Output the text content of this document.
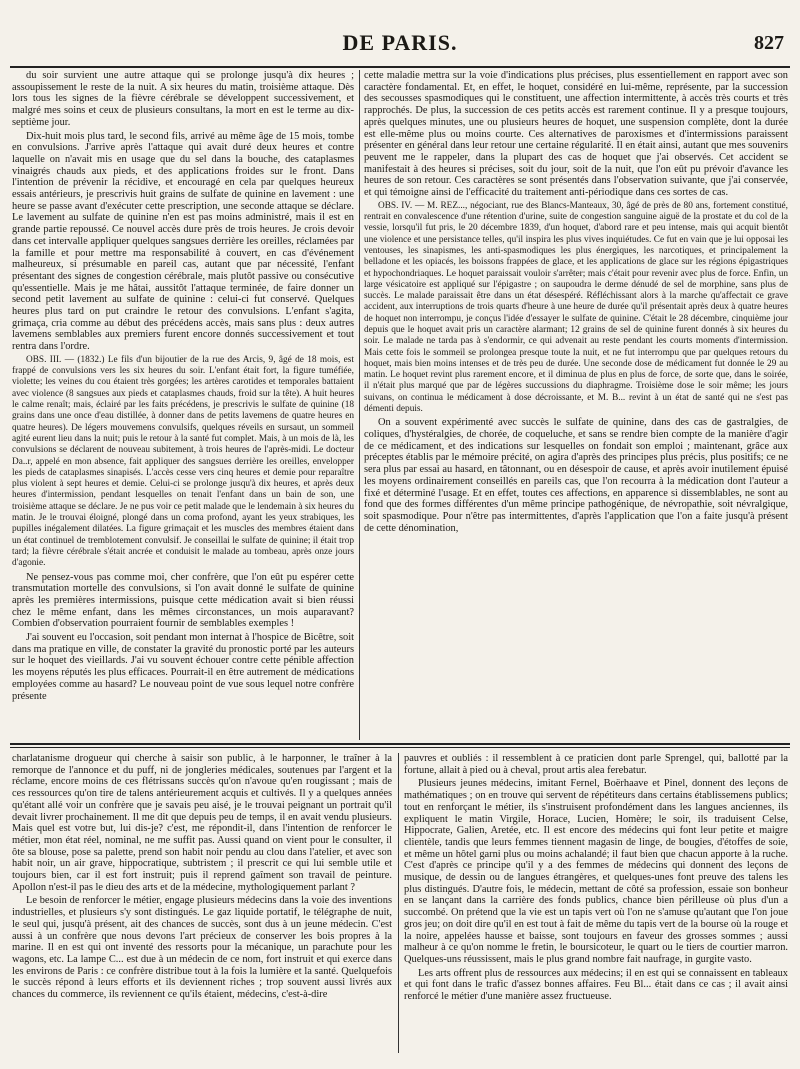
DE PARIS.	827

du soir survient une autre attaque qui se prolonge jusqu'à dix heures ; assoupissement le reste de la nuit. A six heures du matin, troisième attaque. Dès lors tous les signes de la fièvre cérébrale se développent successivement, et malgré mes soins et ceux de plusieurs consultans, la mort en est le terme au dix-septième jour.

Dix-huit mois plus tard, le second fils, arrivé au même âge de 15 mois, tombe en convulsions. J'arrive après l'attaque qui avait duré deux heures et contre laquelle on n'avait mis en usage que du sel dans la bouche, des cataplasmes vinaigrés chauds aux pieds, et des applications froides sur le front. Dans l'intention de prévenir la récidive, et encouragé en cela par quelques heureux essais antérieurs, je prescrivis huit grains de sulfate de quinine en lavement : une heure se passe avant d'exécuter cette prescription, une seconde attaque se déclare. Le lavement au sulfate de quinine n'en est pas moins administré, mais il est en grande partie repoussé. Ce nouvel accès dure près de trois heures. Je crois devoir dans cet intervalle appliquer quelques sangsues derrière les oreilles, réclamées par la famille et pour mettre ma responsabilité à couvert, en cas d'événement malheureux, si présumable en pareil cas, autant que par nécessité, l'enfant présentant des signes de congestion cérébrale, mais plutôt passive ou consécutive qu'essentielle. Mais je me hâtai, aussitôt l'attaque terminée, de faire donner un second petit lavement au sulfate de quinine : celui-ci fut conservé. Quelques heures plus tard on put craindre le retour des convulsions. L'enfant s'agita, grimaça, cria comme au début des précédens accès, mais sans plus : deux autres lavemens semblables aux premiers furent encore donnés successivement et tout rentra dans l'ordre.

OBS. III. — (1832.) Le fils d'un bijoutier de la rue des Arcis, 9, âgé de 18 mois, est frappé de convulsions vers les six heures du soir. L'enfant était fort, la figure tuméfiée, violette; les veines du cou étaient très gorgées; les artères carotides et temporales battaient avec violence (8 sangsues aux pieds et cataplasmes chauds, froid sur la tête). A huit heures le calme renaît; mais, éclairé par les faits précédens, je prescrivis le sulfate de quinine (18 grains dans une once d'eau distillée, à donner dans de petits lavemens de quatre heures en quatre heures). De légers mouvemens convulsifs, quelques réveils en sursaut, un sommeil agité eurent lieu dans la nuit; puis le retour à la santé fut complet. Mais, à un mois de là, les convulsions se déclarent de nouveau subitement, à trois heures de l'après-midi. Le docteur Da..r, appelé en mon absence, fait appliquer des sangsues derrière les oreilles, envelopper les pieds de cataplasmes sinapisés. L'accès cesse vers cinq heures et demie pour reparaître plus violent à sept heures et demie. Celui-ci se prolonge jusqu'à dix heures, et après deux heures d'intermission, pendant lesquelles on tenait l'enfant dans un bain de son, une troisième attaque se déclare. Je ne pus voir ce petit malade que le lendemain à six heures du matin. Je le trouvai éloigné, plongé dans un coma profond, ayant les yeux strabiques, les pupilles inégalement dilatées. La figure grimaçait et les muscles des membres étaient dans un état continuel de tremblotement convulsif. Je conseillai le sulfate de quinine; il était trop tard; la fièvre cérébrale s'était ancrée et conduisit le malade au tombeau, après onze jours d'agonie.

Ne pensez-vous pas comme moi, cher confrère, que l'on eût pu espérer cette transmutation mortelle des convulsions, si l'on avait donné le sulfate de quinine après les premières intermissions, puisque cette médication avait si bien réussi chez le même enfant, dans les mêmes circonstances, un mois auparavant? Combien d'observation pourraient fournir de semblables exemples !

J'ai souvent eu l'occasion, soit pendant mon internat à l'hospice de Bicêtre, soit dans ma pratique en ville, de constater la gravité du pronostic porté par les auteurs sur le hoquet des vieillards. J'ai vu souvent échouer contre cette pénible affection les moyens réputés les plus efficaces. Pourrait-il en être autrement de médications employées comme au hasard? Le nouveau point de vue sous lequel notre confrère présente

cette maladie mettra sur la voie d'indications plus précises, plus essentiellement en rapport avec son caractère fondamental. Et, en effet, le hoquet, considéré en lui-même, représente, par la succession des secousses spasmodiques qui le constituent, une affection intermittente, à accès très courts et très rapprochés. De plus, la succession de ces petits accès est rarement continue. Il y a presque toujours, après quelques minutes, une ou plusieurs heures de hoquet, une suspension complète, dont la durée est elle-même plus ou moins courte. Ces alternatives de paroxismes et d'intermissions paraissent présenter en général dans leur retour une certaine régularité. Il en était ainsi, autant que mes souvenirs peuvent me le rappeler, dans la plupart des cas de hoquet que j'ai observés. Cet accident se manifestait à des heures si précises, soit du jour, soit de la nuit, que l'on eût pu prévoir d'avance les heures de son retour. Ces caractères se sont présentés dans l'observation suivante, que j'ai conservée, et qui témoigne ainsi de l'efficacité du traitement anti-périodique dans ces sortes de cas.

OBS. IV. — M. REZ..., négociant, rue des Blancs-Manteaux, 30, âgé de près de 80 ans, fortement constitué, rentrait en convalescence d'une rétention d'urine, suite de congestion sanguine aiguë de la prostate et du col de la vessie, lorsqu'il fut pris, le 20 décembre 1839, d'un hoquet, d'abord rare et peu intense, mais qui acquit bientôt une violence et une persistance telles, qu'il inspira les plus vives inquiétudes. Ce fut en vain que je lui opposai les ventouses, les sinapismes, les anti-spasmodiques les plus énergiques, les narcotiques, et principalement la belladone et les opiacés, les boissons frappées de glace, et les applications de glace sur les régions épigastriques et hypochondriaques. Le hoquet paraissait vouloir s'arrêter; mais c'était pour revenir avec plus de force. Enfin, un large vésicatoire est appliqué sur l'épigastre ; on saupoudra le derme dénudé de sel de morphine, sans plus de succès. Le malade paraissait être dans un état désespéré. Réfléchissant alors à la marche qu'affectait ce grave accident, aux interruptions de trois quarts d'heure à une heure de durée qu'il présentait après deux à quatre heures de hoquet non interrompu, je conçus l'idée d'essayer le sulfate de quinine. C'était le 28 décembre, cinquième jour depuis que le hoquet avait pris un caractère alarmant; 12 grains de sel de quinine furent donnés à six heures du soir. Le malade ne tarda pas à s'endormir, ce qui advenait au reste pendant les courts moments d'intermission. Mais cette fois le sommeil se prolongea presque toute la nuit, et ne fut interrompu que par quelques retours du hoquet, mais bien moins intenses et de très peu de durée. Une seconde dose de médicament fut donnée le 29 au matin. Le hoquet revint plus rarement encore, et il diminua de plus en plus de force, de sorte que, dans le soirée, il n'était plus marqué que par de légères succussions du diaphragme. Troisième dose le soir même; les jours suivans, on continua le médicament à dose décroissante, et M. B... revint à un état de santé qui ne s'est pas démenti depuis.

On a souvent expérimenté avec succès le sulfate de quinine, dans des cas de gastralgies, de coliques, d'hystéralgies, de chorée, de coqueluche, et sans se rendre bien compte de la manière d'agir de ce médicament, et des indications sur lesquelles on fondait son emploi ; maintenant, grâce aux préceptes établis par le mémoire précité, on agira d'après des principes plus précis, plus positifs; ce ne sera plus par essai au hasard, en tâtonnant, ou en désespoir de cause, et après avoir inutilement épuisé les moyens ordinairement conseillés en pareils cas, que l'on recourra à la médication dont l'auteur a fixé et déterminé l'usage. Et en effet, toutes ces affections, en apparence si dissemblables, ne sont au fond que des formes différentes d'un même principe pathogénique, de névropathie, soit névralgique, soit spasmodique. Pour n'être pas intermittentes, d'après l'application que l'on a faite jusqu'à présent de cette dénomination,

charlatanisme drogueur qui cherche à saisir son public, à le harponner, le traîner à la remorque de l'annonce et du puff, ni de jongleries médicales, soutenues par l'argent et la réclame, encore moins de ces flétrissans succès qu'on n'avoue qu'en rougissant ; mais de ces ressources qu'on tire de talens antérieurement acquis et cultivés. Il y a quelques années qu'étant allé voir un confrère que je savais peu aisé, je le trouvai peignant un portrait qu'il devait livrer prochainement. Il me dit que depuis peu de temps, il en avait vendu plusieurs. Mais quel est votre but, lui dis-je? c'est, me répondit-il, dans l'intention de renforcer le métier, mon état réel, nominal, ne me suffit pas. Aussi quand on vient pour le consulter, il ôte sa blouse, pose sa palette, prend son habit noir pendu au clou dans l'atelier, et avec son habit noir, un air grave, hippocratique, subtristem ; il prescrit ce qui lui semble utile et toujours bien, car il est fort instruit; puis il reprend gaîment son travail de peinture. Apollon n'est-il pas le dieu des arts et de la médecine, mythologiquement parlant ?

Le besoin de renforcer le métier, engage plusieurs médecins dans la voie des inventions industrielles, et plusieurs s'y sont distingués. Le gaz liquide portatif, le télégraphe de nuit, le seul qui, jusqu'à présent, ait des chances de succès, sont dus à un jeune médecin. C'est aussi à un confrère que nous devons l'art précieux de conserver les bois propres à la marine. Il en est qui ont inventé des ressorts pour la mécanique, un parachute pour les wagons, etc. La lampe C... est due à un médecin de ce nom, fort instruit et qui exerce dans les environs de Paris : ce confrère distribue tout à la fois la lumière et la santé. Quelquefois le succès répond à leurs efforts et ils deviennent riches ; trop souvent aussi livrés aux chances du commerce, ils reviennent ce qu'ils étaient, médecins, c'est-à-dire

pauvres et oubliés : il ressemblent à ce praticien dont parle Sprengel, qui, ballotté par la fortune, allait à pied ou à cheval, prout artis alea ferebatur.

Plusieurs jeunes médecins, imitant Fernel, Boërhaave et Pinel, donnent des leçons de mathématiques ; on en trouve qui servent de répétiteurs dans certains établissemens publics; tout en renforçant le métier, ils s'instruisent profondément dans les langues anciennes, ils expliquent le matin Virgile, Horace, Lucien, Homère; le soir, ils traduisent Celse, Hippocrate, Galien, Aretée, etc. Il est encore des médecins qui font leur petite et maigre clientèle, tandis que leurs femmes tiennent magasin de linge, de bougies, d'étoffes de soie, et même un hôtel garni plus ou moins achalandé; il faut bien que chacun apporte à la ruche. C'est d'après ce principe qu'il y a des femmes de médecins qui donnent des leçons de musique, de dessin ou de langues étrangères, et quelques-unes font preuve des talens les plus distingués. D'autre fois, le médecin, mettant de côté sa profession, essaie son bonheur en se lançant dans la carrière des fonds publics, chance bien périlleuse où plus d'un a succombé. On prétend que la vie est un tapis vert où l'on ne s'amuse qu'autant que l'on joue gros jeu; on doit dire qu'il en est tout à fait de même du tapis vert de la bourse où la rouge et la noire, appelées hausse et baisse, sont toujours en faveur des grosses sommes ; aussi malheur à ce qu'on nomme le fretin, le boursicoteur, le quart ou le tiers de courtier marron. Quelques-uns réussissent, mais le plus grand nombre fait naufrage, in gurgite vasto.

Les arts offrent plus de ressources aux médecins; il en est qui se connaissent en tableaux et qui font dans le trafic d'assez bonnes affaires. Feu Bl... était dans ce cas ; il avait ainsi renforcé le métier d'une manière assez fructueuse.
